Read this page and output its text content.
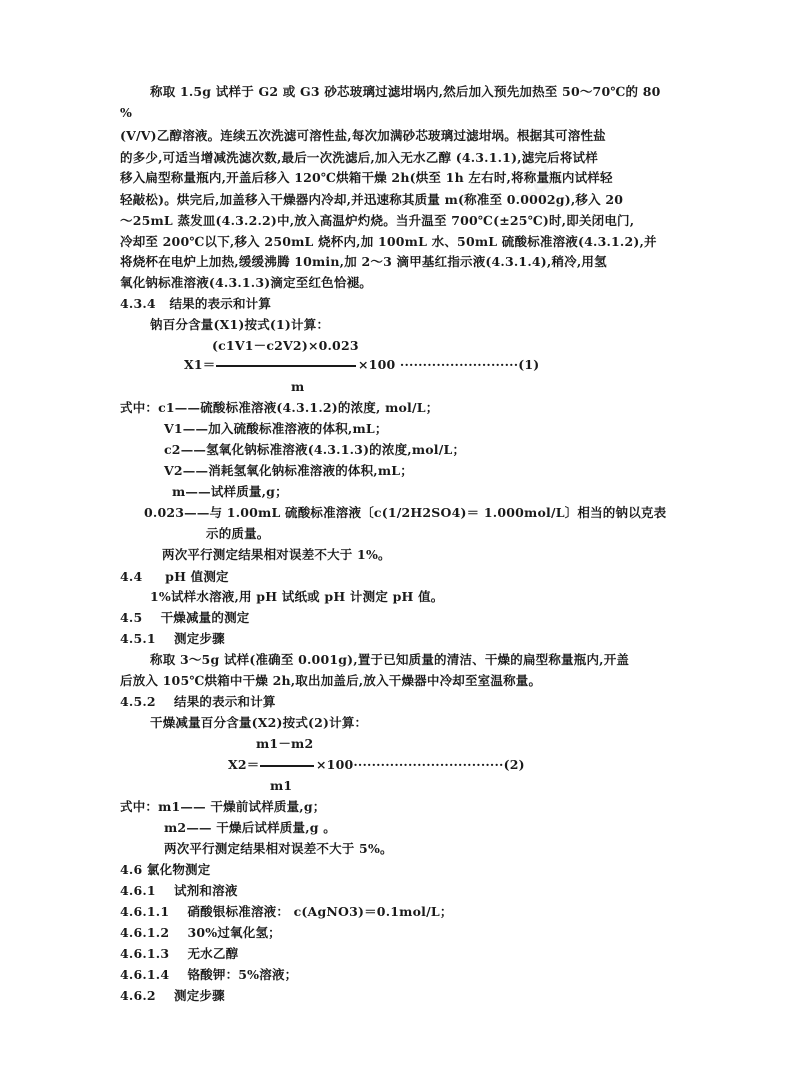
文
称取 1.5g 试样于 G2 或 G3 砂芯玻璃过滤坩埚内,然后加入预先加热至 50～70℃的 80
%
(V/V)乙醇溶液。连续五次洗滤可溶性盐,每次加满砂芯玻璃过滤坩埚。根据其可溶性盐
的多少,可适当增减洗滤次数,最后一次洗滤后,加入无水乙醇 (4.3.1.1),滤完后将试样
移入扁型称量瓶内,开盖后移入 120℃烘箱干燥 2h(烘至 1h 左右时,将称量瓶内试样轻
轻敲松)。烘完后,加盖移入干燥器内冷却,并迅速称其质量 m(称准至 0.0002g),移入 20
～25mL 蒸发皿(4.3.2.2)中,放入高温炉灼烧。当升温至 700℃(±25℃)时,即关闭电门,
冷却至 200℃以下,移入 250mL 烧杯内,加 100mL 水、50mL 硫酸标准溶液(4.3.1.2),并
将烧杯在电炉上加热,缓缓沸腾 10min,加 2～3 滴甲基红指示液(4.3.1.4),稍冷,用氢
氧化钠标准溶液(4.3.1.3)滴定至红色恰褪。
4.3.4 结果的表示和计算
钠百分含量(X1)按式(1)计算：
(c1V1－c2V2)×0.023
X1＝	×100 ··························(1)
m
式中：c1——硫酸标准溶液(4.3.1.2)的浓度, mol/L；
V1——加入硫酸标准溶液的体积,mL；
c2——氢氧化钠标准溶液(4.3.1.3)的浓度,mol/L；
V2——消耗氢氧化钠标准溶液的体积,mL；
m——试样质量,g；
0.023——与 1.00mL 硫酸标准溶液〔c(1/2H2SO4)＝ 1.000mol/L〕相当的钠以克表
示的质量。
两次平行测定结果相对误差不大于 1%。
4.4 pH 值测定
1%试样水溶液,用 pH 试纸或 pH 计测定 pH 值。
4.5 干燥减量的测定
4.5.1 测定步骤
称取 3～5g 试样(准确至 0.001g),置于已知质量的清洁、干燥的扁型称量瓶内,开盖
后放入 105℃烘箱中干燥 2h,取出加盖后,放入干燥器中冷却至室温称量。
4.5.2 结果的表示和计算
干燥减量百分含量(X2)按式(2)计算：
m1－m2
X2＝	×100·································(2)
m1
式中：m1—— 干燥前试样质量,g；
m2—— 干燥后试样质量,g 。
两次平行测定结果相对误差不大于 5%。
4.6 氯化物测定
4.6.1 试剂和溶液
4.6.1.1 硝酸银标准溶液： c(AgNO3)＝0.1mol/L；
4.6.1.2 30%过氧化氢；
4.6.1.3 无水乙醇
4.6.1.4 铬酸钾：5%溶液；
4.6.2 测定步骤
